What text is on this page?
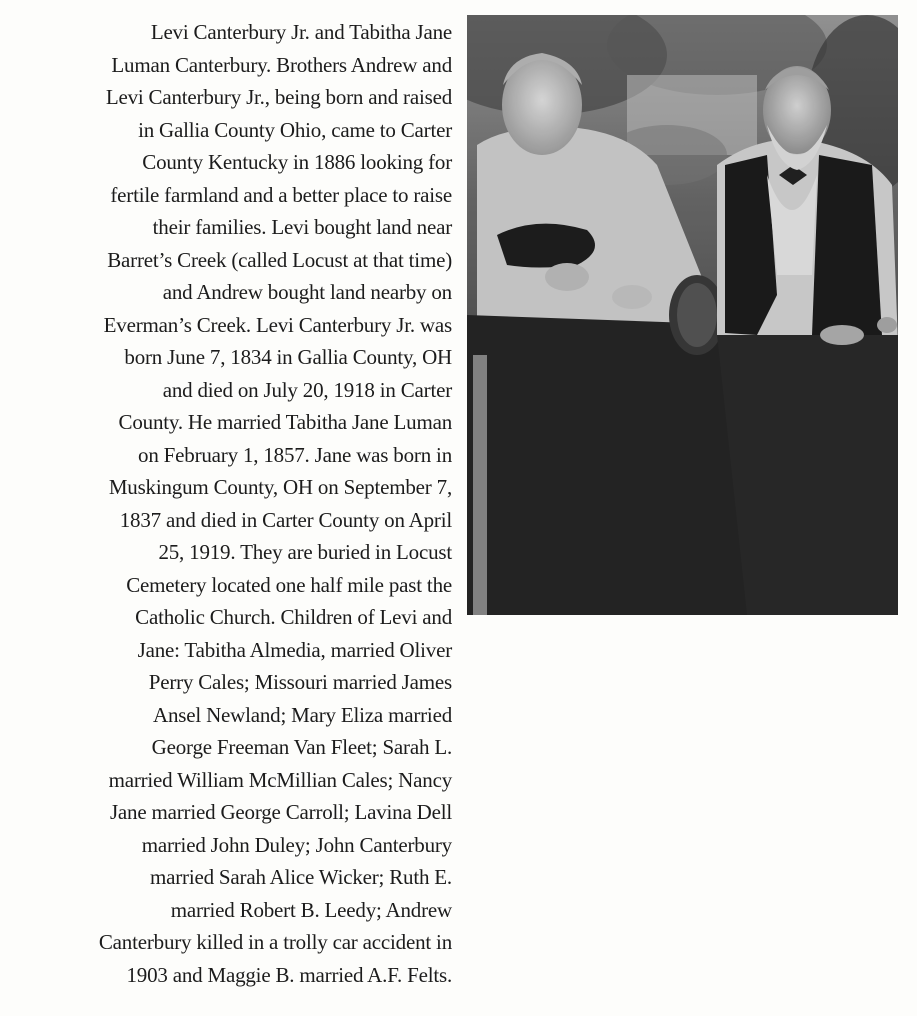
Levi Canterbury Jr. and Tabitha Jane
Luman Canterbury. Brothers Andrew and
Levi Canterbury Jr., being born and raised
in Gallia County Ohio, came to Carter
County Kentucky in 1886 looking for
fertile farmland and a better place to raise
their families. Levi bought land near
Barret’s Creek (called Locust at that time)
and Andrew bought land nearby on
Everman’s Creek. Levi Canterbury Jr. was
born June 7, 1834 in Gallia County, OH
and died on July 20, 1918 in Carter
County. He married Tabitha Jane Luman
on February 1, 1857. Jane was born in
Muskingum County, OH on September 7,
1837 and died in Carter County on April
25, 1919. They are buried in Locust
Cemetery located one half mile past the
Catholic Church. Children of Levi and
Jane: Tabitha Almedia, married Oliver
Perry Cales; Missouri married James
Ansel Newland; Mary Eliza married
George Freeman Van Fleet; Sarah L.
married William McMillian Cales; Nancy
Jane married George Carroll; Lavina Dell
married John Duley; John Canterbury
married Sarah Alice Wicker; Ruth E.
married Robert B. Leedy; Andrew
Canterbury killed in a trolly car accident in
1903 and Maggie B. married A.F. Felts.
